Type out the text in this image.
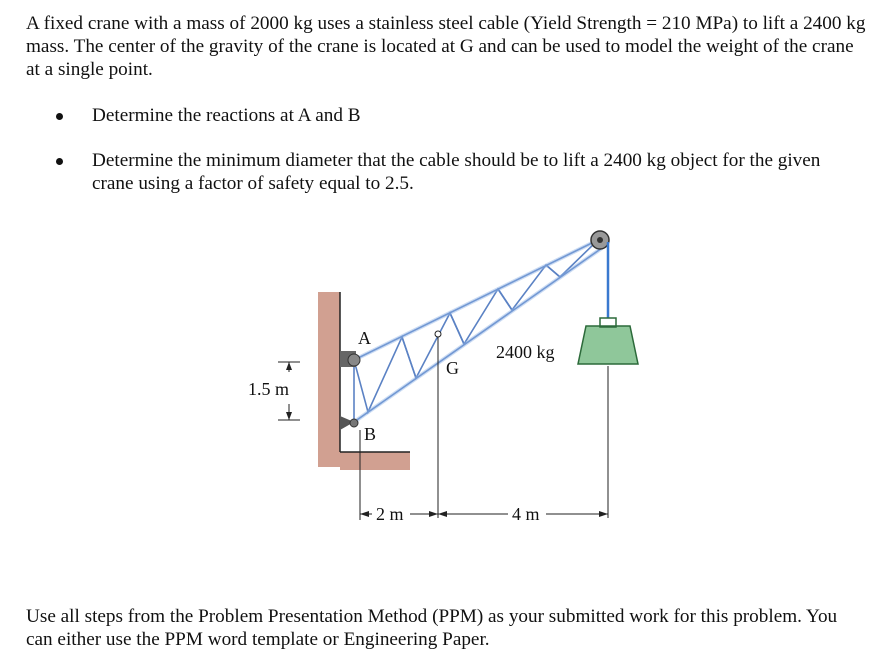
A fixed crane with a mass of 2000 kg uses a stainless steel cable (Yield Strength = 210 MPa) to lift a 2400 kg mass. The center of the gravity of the crane is located at G and can be used to model the weight of the crane at a single point.

Determine the reactions at A and B
Determine the minimum diameter that the cable should be to lift a 2400 kg object for the given crane using a factor of safety equal to 2.5.
1.5 m
2 m	4 m
A
B
G
2400 kg

Use all steps from the Problem Presentation Method (PPM) as your submitted work for this problem. You can either use the PPM word template or Engineering Paper.
